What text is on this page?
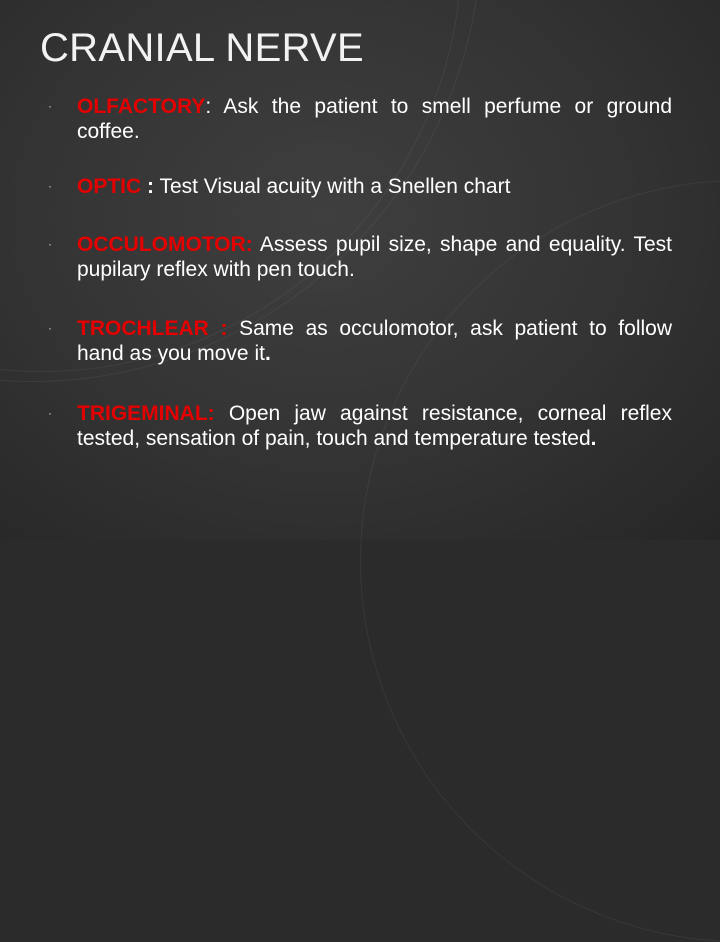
CRANIAL NERVE
·	OLFACTORY: Ask the patient to smell perfume or ground coffee.
·	OPTIC : Test Visual acuity with a Snellen chart
·	OCCULOMOTOR: Assess pupil size, shape and equality. Test pupilary reflex with pen touch.
·	TROCHLEAR : Same as occulomotor, ask patient to follow hand as you move it.
·	TRIGEMINAL: Open jaw against resistance, corneal reflex tested, sensation of pain, touch and temperature tested.
